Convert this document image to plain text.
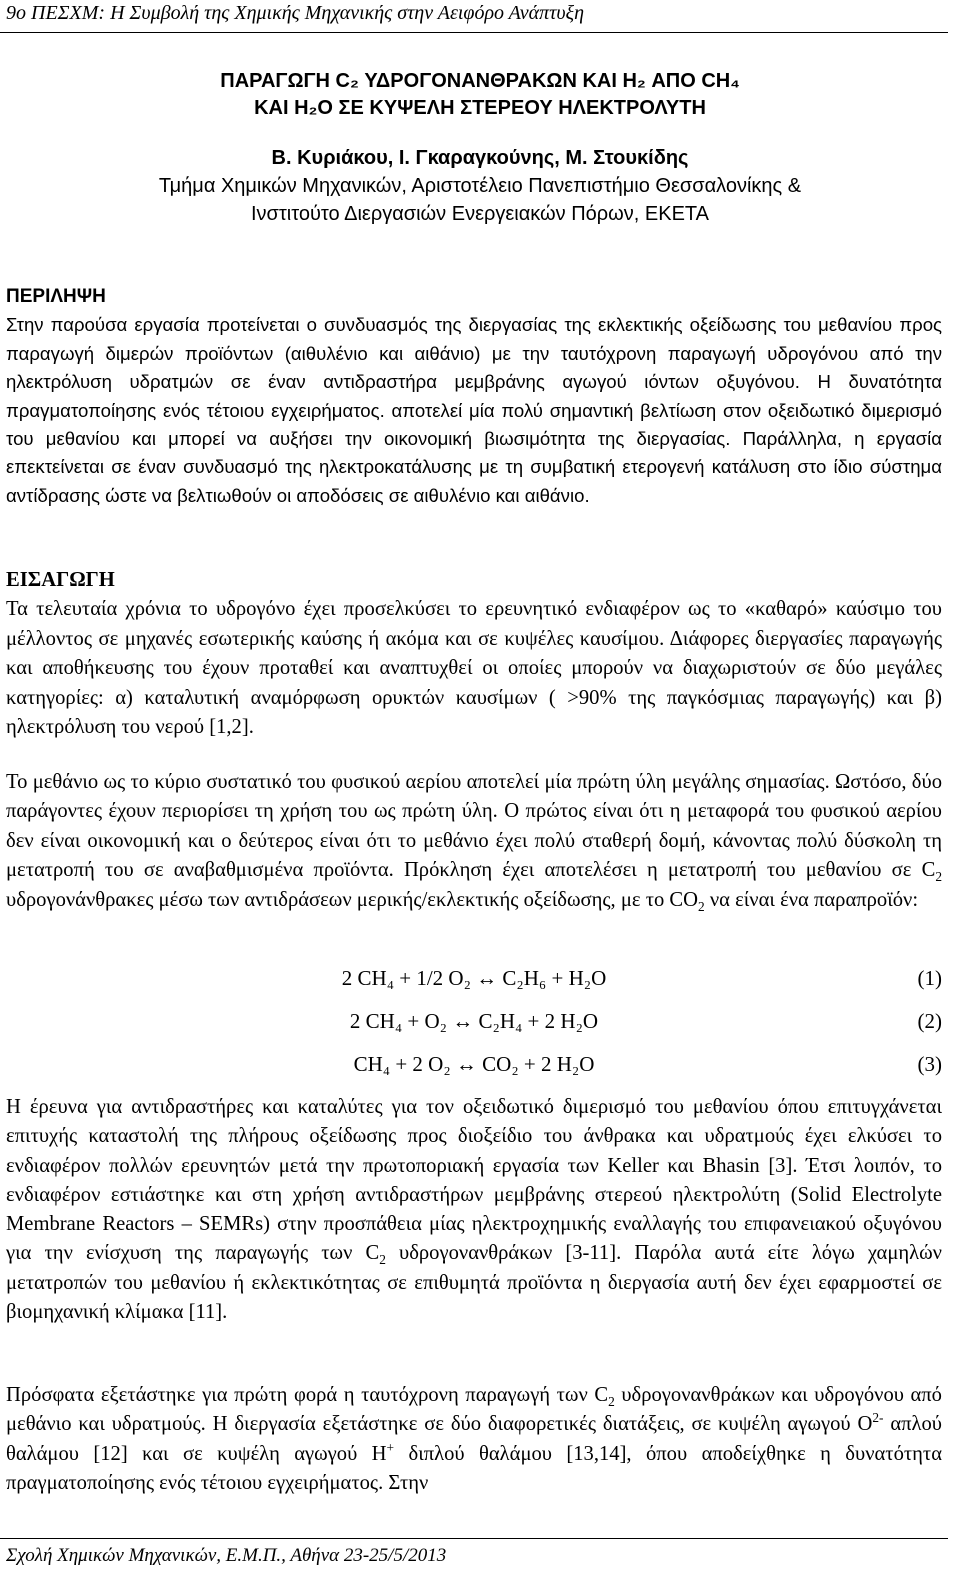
9ο ΠΕΣΧΜ: Η Συμβολή της Χημικής Μηχανικής στην Αειφόρο Ανάπτυξη
ΠΑΡΑΓΩΓΗ C₂ ΥΔΡΟΓΟΝΑΝΘΡΑΚΩΝ ΚΑΙ H₂ ΑΠΟ CH₄
ΚΑΙ H₂O ΣΕ ΚΥΨΕΛΗ ΣΤΕΡΕΟΥ ΗΛΕΚΤΡΟΛΥΤΗ
Β. Κυριάκου, Ι. Γκαραγκούνης, Μ. Στουκίδης
Τμήμα Χημικών Μηχανικών, Αριστοτέλειο Πανεπιστήμιο Θεσσαλονίκης &
Ινστιτούτο Διεργασιών Ενεργειακών Πόρων, ΕΚΕΤΑ
ΠΕΡΙΛΗΨΗ
Στην παρούσα εργασία προτείνεται ο συνδυασμός της διεργασίας της εκλεκτικής οξείδωσης του μεθανίου προς παραγωγή διμερών προϊόντων (αιθυλένιο και αιθάνιο) με την ταυτόχρονη παραγωγή υδρογόνου από την ηλεκτρόλυση υδρατμών σε έναν αντιδραστήρα μεμβράνης αγωγού ιόντων οξυγόνου. Η δυνατότητα πραγματοποίησης ενός τέτοιου εγχειρήματος. αποτελεί μία πολύ σημαντική βελτίωση στον οξειδωτικό διμερισμό του μεθανίου και μπορεί να αυξήσει την οικονομική βιωσιμότητα της διεργασίας. Παράλληλα, η εργασία επεκτείνεται σε έναν συνδυασμό της ηλεκτροκατάλυσης με τη συμβατική ετερογενή κατάλυση στο ίδιο σύστημα αντίδρασης ώστε να βελτιωθούν οι αποδόσεις σε αιθυλένιο και αιθάνιο.
ΕΙΣΑΓΩΓΗ
Τα τελευταία χρόνια το υδρογόνο έχει προσελκύσει το ερευνητικό ενδιαφέρον ως το «καθαρό» καύσιμο του μέλλοντος σε μηχανές εσωτερικής καύσης ή ακόμα και σε κυψέλες καυσίμου. Διάφορες διεργασίες παραγωγής και αποθήκευσης του έχουν προταθεί και αναπτυχθεί οι οποίες μπορούν να διαχωριστούν σε δύο μεγάλες κατηγορίες: α) καταλυτική αναμόρφωση ορυκτών καυσίμων ( >90% της παγκόσμιας παραγωγής) και β) ηλεκτρόλυση του νερού [1,2].
Το μεθάνιο ως το κύριο συστατικό του φυσικού αερίου αποτελεί μία πρώτη ύλη μεγάλης σημασίας. Ωστόσο, δύο παράγοντες έχουν περιορίσει τη χρήση του ως πρώτη ύλη. Ο πρώτος είναι ότι η μεταφορά του φυσικού αερίου δεν είναι οικονομική και ο δεύτερος είναι ότι το μεθάνιο έχει πολύ σταθερή δομή, κάνοντας πολύ δύσκολη τη μετατροπή του σε αναβαθμισμένα προϊόντα. Πρόκληση έχει αποτελέσει η μετατροπή του μεθανίου σε $C_2$ υδρογονάνθρακες μέσω των αντιδράσεων μερικής/εκλεκτικής οξείδωσης, με το $CO_2$ να είναι ένα παραπροϊόν:
2 CH₄ + 1/2 O₂ ↔ C₂H₆ + H₂O	(1)
2 CH₄ + O₂ ↔ C₂H₄ + 2 H₂O	(2)
CH₄ + 2 O₂ ↔ CO₂ + 2 H₂O	(3)
Η έρευνα για αντιδραστήρες και καταλύτες για τον οξειδωτικό διμερισμό του μεθανίου όπου επιτυγχάνεται επιτυχής καταστολή της πλήρους οξείδωσης προς διοξείδιο του άνθρακα και υδρατμούς έχει ελκύσει το ενδιαφέρον πολλών ερευνητών μετά την πρωτοποριακή εργασία των Keller και Bhasin [3]. Έτσι λοιπόν, το ενδιαφέρον εστιάστηκε και στη χρήση αντιδραστήρων μεμβράνης στερεού ηλεκτρολύτη (Solid Electrolyte Membrane Reactors – SEMRs) στην προσπάθεια μίας ηλεκτροχημικής εναλλαγής του επιφανειακού οξυγόνου για την ενίσχυση της παραγωγής των $C_2$ υδρογονανθράκων [3-11]. Παρόλα αυτά είτε λόγω χαμηλών μετατροπών του μεθανίου ή εκλεκτικότητας σε επιθυμητά προϊόντα η διεργασία αυτή δεν έχει εφαρμοστεί σε βιομηχανική κλίμακα [11].
Πρόσφατα εξετάστηκε για πρώτη φορά η ταυτόχρονη παραγωγή των $C_2$ υδρογονανθράκων και υδρογόνου από μεθάνιο και υδρατμούς. Η διεργασία εξετάστηκε σε δύο διαφορετικές διατάξεις, σε κυψέλη αγωγού $O^{2-}$ απλού θαλάμου [12] και σε κυψέλη αγωγού H+ διπλού θαλάμου [13,14], όπου αποδείχθηκε η δυνατότητα πραγματοποίησης ενός τέτοιου εγχειρήματος. Στην
Σχολή Χημικών Μηχανικών, Ε.Μ.Π., Αθήνα 23-25/5/2013
